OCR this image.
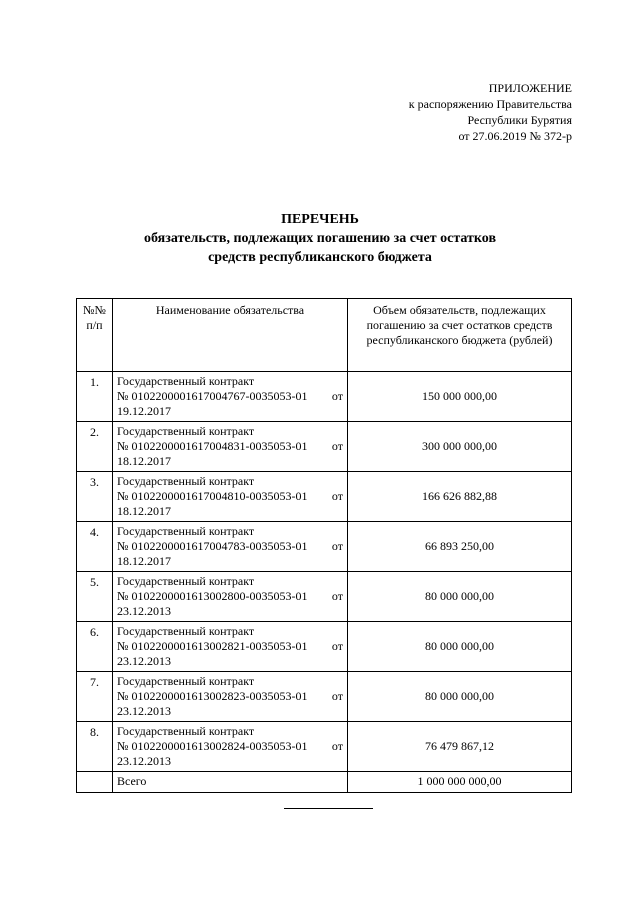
ПРИЛОЖЕНИЕ
к распоряжению Правительства
Республики Бурятия
от 27.06.2019 № 372-р
ПЕРЕЧЕНЬ
обязательств, подлежащих погашению за счет остатков
средств республиканского бюджета
№№ п/п	Наименование обязательства	Объем обязательств, подлежащих погашению за счет остатков средств республиканского бюджета (рублей)
1.	Государственный контракт
№ 0102200001617004767-0035053-01 от
19.12.2017	150 000 000,00
2.	Государственный контракт
№ 0102200001617004831-0035053-01 от
18.12.2017	300 000 000,00
3.	Государственный контракт
№ 0102200001617004810-0035053-01 от
18.12.2017	166 626 882,88
4.	Государственный контракт
№ 0102200001617004783-0035053-01 от
18.12.2017	66 893 250,00
5.	Государственный контракт
№ 0102200001613002800-0035053-01 от
23.12.2013	80 000 000,00
6.	Государственный контракт
№ 0102200001613002821-0035053-01 от
23.12.2013	80 000 000,00
7.	Государственный контракт
№ 0102200001613002823-0035053-01 от
23.12.2013	80 000 000,00
8.	Государственный контракт
№ 0102200001613002824-0035053-01 от
23.12.2013	76 479 867,12
	Всего	1 000 000 000,00
